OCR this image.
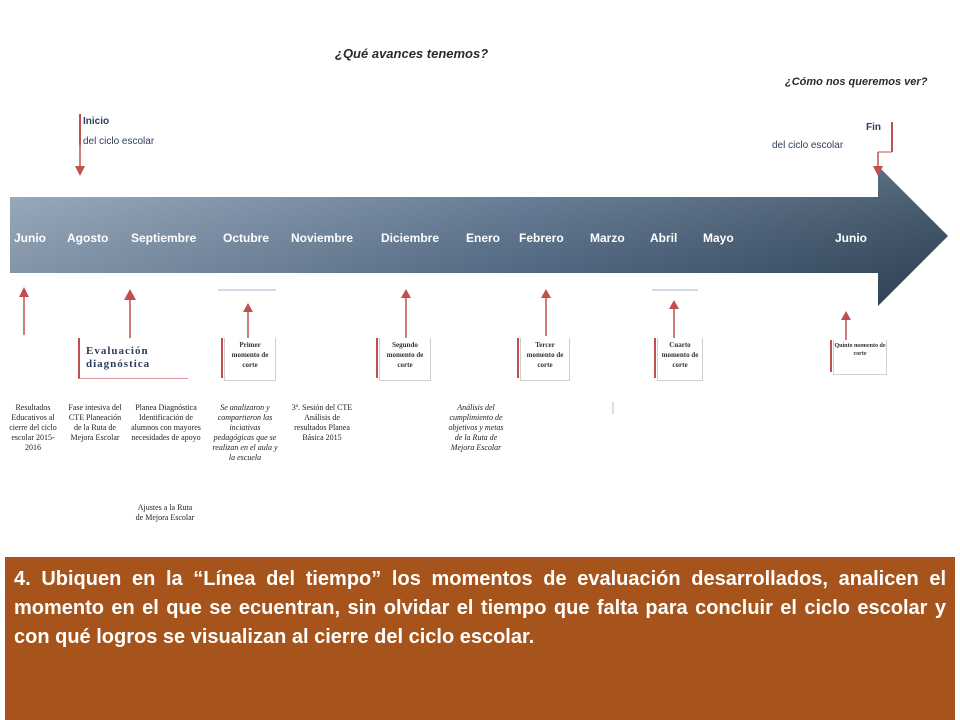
¿Qué avances tenemos?
¿Cómo nos queremos ver?
Inicio
del ciclo escolar
Fin
del ciclo escolar
Junio Agosto Septiembre Octubre Noviembre Diciembre Enero Febrero Marzo Abril Mayo	Junio
Evaluación diagnóstica
Primer momento de corte
Segundo momento de corte
Tercer momento de corte
Cuarto momento de corte
Quinto momento de corte
Resultados Educativos al cierre del ciclo escolar 2015-2016
Fase intesiva del CTE Planeación de la Ruta de Mejora Escolar
Planea Diagnóstica Identificación de alumnos con mayores necesidades de apoyo
Ajustes a la Ruta de Mejora Escolar
Se analizaron y compartieron las inciativas pedagógicas que se realizan en el aula y la escuela
3ª. Sesión del CTE Análisis de resultados Planea Básica 2015
Análisis del cumplimiento de objetivos y metas de la Ruta de Mejora Escolar
4. Ubiquen en la “Línea del tiempo” los momentos de evaluación desarrollados, analicen el momento en el que se ecuentran, sin olvidar el tiempo que falta para concluir el ciclo escolar y con qué logros se visualizan al cierre del ciclo escolar.
